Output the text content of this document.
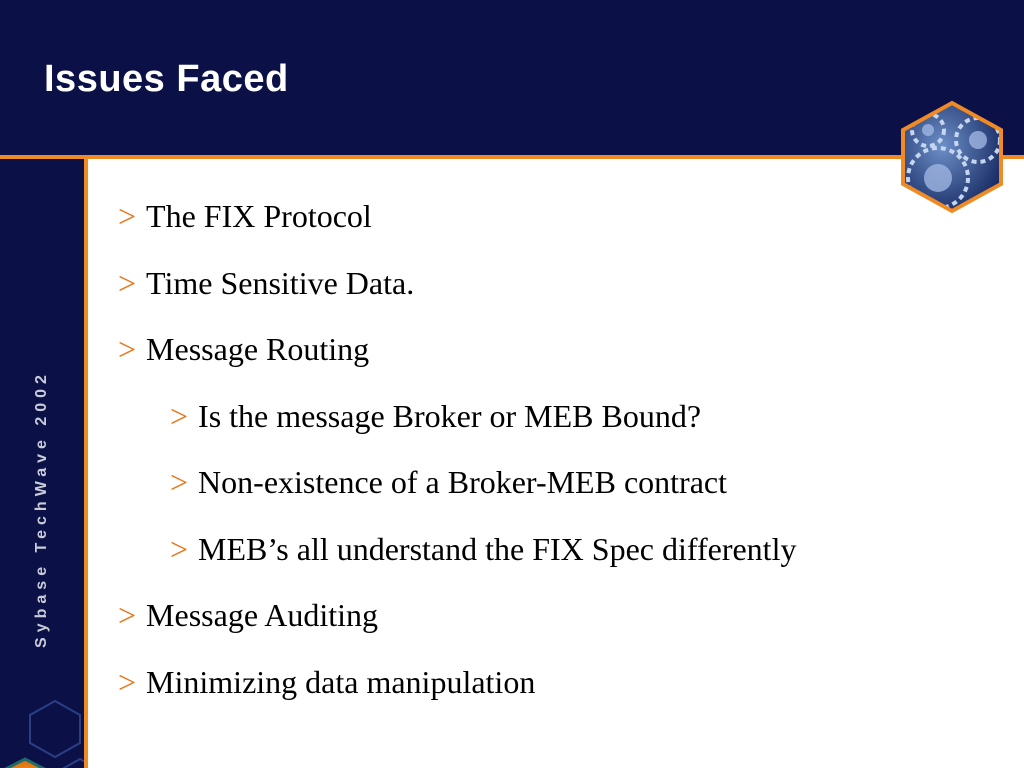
Issues Faced
Sybase TechWave 2002
> The FIX Protocol
> Time Sensitive Data.
> Message Routing
> Is the message Broker or MEB Bound?
> Non-existence of a Broker-MEB contract
> MEB’s all understand the FIX Spec differently
> Message Auditing
> Minimizing data manipulation
